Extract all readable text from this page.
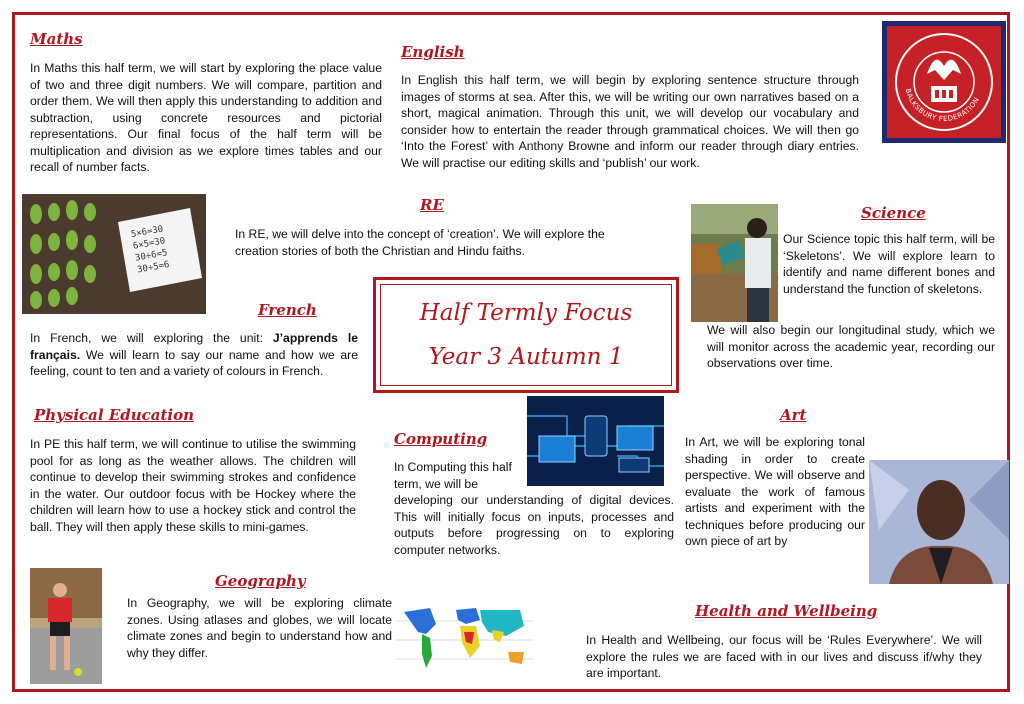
Maths

In Maths this half term, we will start by exploring the place value of two and three digit numbers. We will compare, partition and order them. We will then apply this understanding to addition and subtraction, using concrete resources and pictorial representations. Our final focus of the half term will be multiplication and division as we explore times tables and our recall of number facts.

English

In English this half term, we will begin by exploring sentence structure through images of storms at sea. After this, we will be writing our own narratives based on a short, magical animation. Through this unit, we will develop our vocabulary and consider how to entertain the reader through grammatical choices. We will then go ‘Into the Forest’ with Anthony Browne and inform our reader through diary entries. We will practise our editing skills and ‘publish’ our work.

BALKSBURY FEDERATION
5×6=30
6×5=30
30÷6=5
30÷5=6
RE

In RE, we will delve into the concept of ‘creation’. We will explore the creation stories of both the Christian and Hindu faiths.

Science

Our Science topic this half term, will be ‘Skeletons’. We will explore learn to identify and name different bones and understand the function of skeletons.

We will also begin our longitudinal study, which we will monitor across the academic year, recording our observations over time.

Half Termly Focus
Year 3 Autumn 1
French

In French, we will exploring the unit: J’apprends le français. We will learn to say our name and how we are feeling, count to ten and a variety of colours in French.

Physical Education

In PE this half term, we will continue to utilise the swimming pool for as long as the weather allows. The children will continue to develop their swimming strokes and confidence in the water. Our outdoor focus with be Hockey where the children will learn how to use a hockey stick and control the ball. They will then apply these skills to mini-games.

Computing

In Computing this half term, we will be

developing our understanding of digital devices. This will initially focus on inputs, processes and outputs before progressing on to exploring computer networks.

Art

In Art, we will be exploring tonal shading in order to create perspective. We will observe and evaluate the work of famous artists and experiment with the techniques before producing our own piece of art by

Geography

In Geography, we will be exploring climate zones. Using atlases and globes, we will locate climate zones and begin to understand how and why they differ.

Health and Wellbeing

In Health and Wellbeing, our focus will be ‘Rules Everywhere’. We will explore the rules we are faced with in our lives and discuss if/why they are important.
